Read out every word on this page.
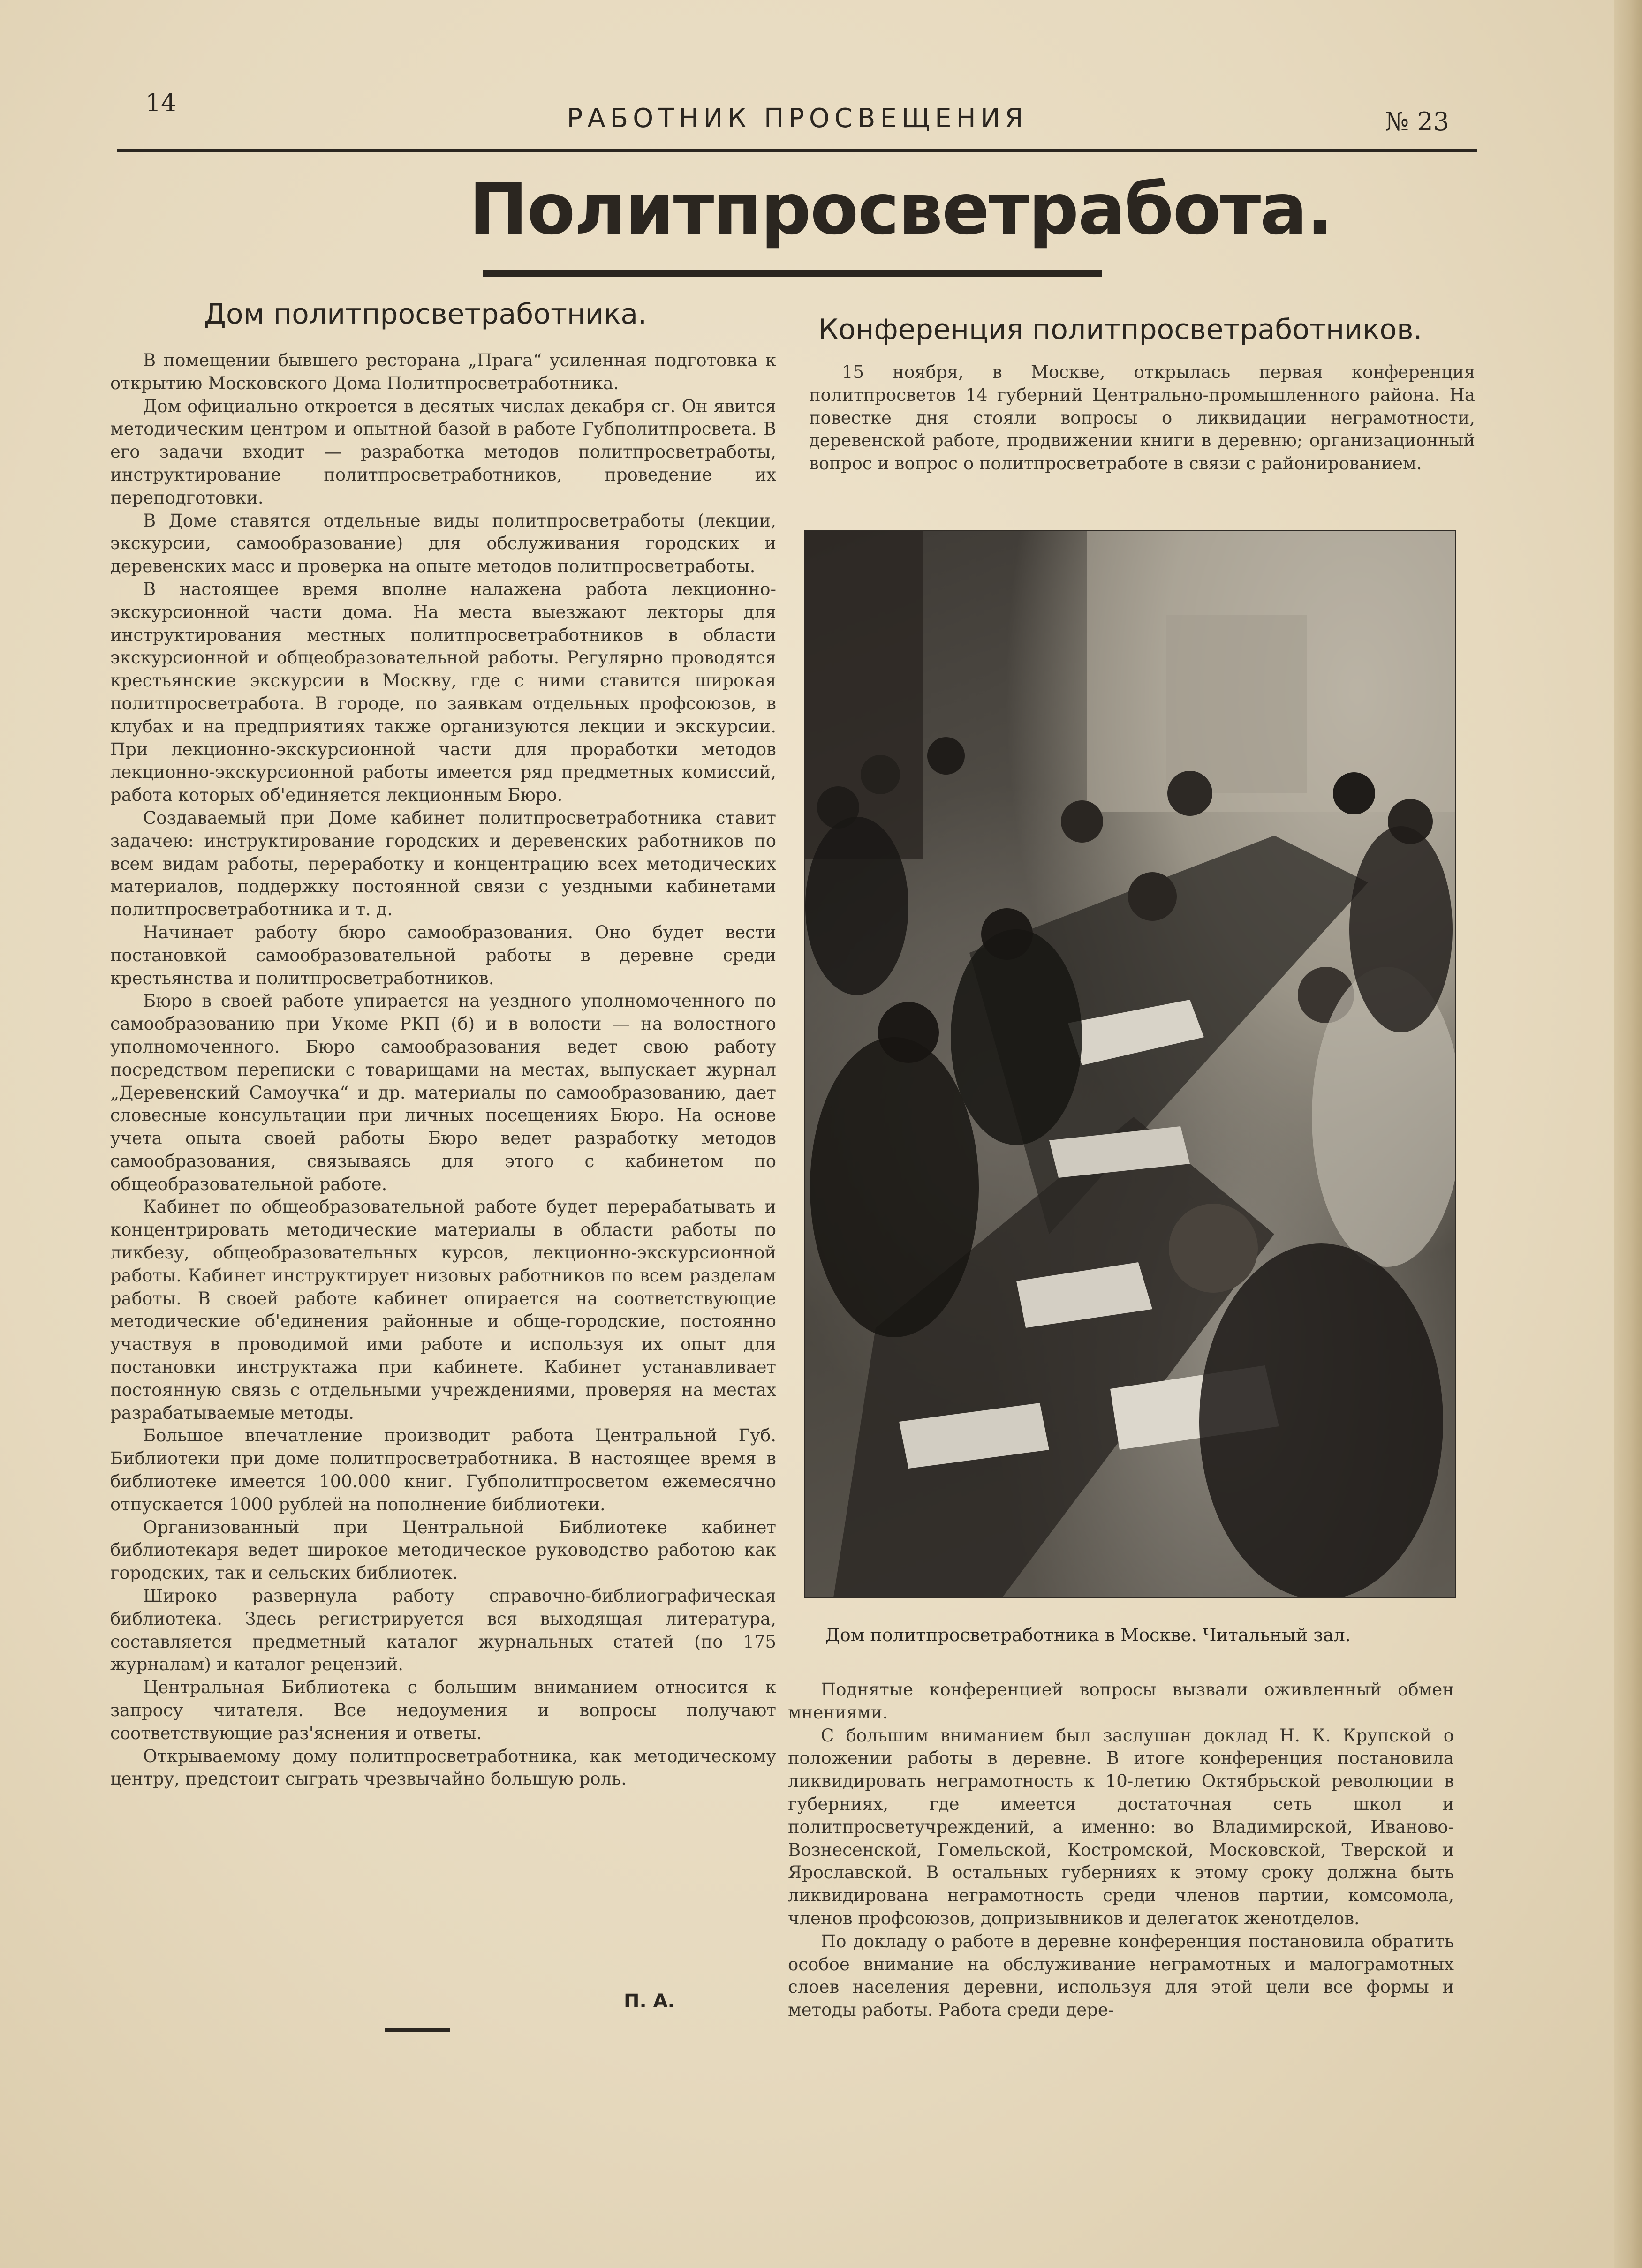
14	РАБОТНИК ПРОСВЕЩЕНИЯ	№ 23
Политпросветработа.
Дом политпросветработника.

В помещении бывшего ресторана „Прага“ усиленная подготовка к открытию Московского Дома Политпросветработника.

Дом официально откроется в десятых числах декабря сг. Он явится методическим центром и опытной базой в работе Губполитпросвета. В его задачи входит — разработка методов политпросветработы, инструктирование политпросветработников, проведение их переподготовки.

В Доме ставятся отдельные виды политпросветработы (лекции, экскурсии, самообразование) для обслуживания городских и деревенских масс и проверка на опыте методов политпросветработы.

В настоящее время вполне налажена работа лекционно-экскурсионной части дома. На места выезжают лекторы для инструктирования местных политпросветработников в области экскурсионной и общеобразовательной работы. Регулярно проводятся крестьянские экскурсии в Москву, где с ними ставится широкая политпросветработа. В городе, по заявкам отдельных профсоюзов, в клубах и на предприятиях также организуются лекции и экскурсии. При лекционно-экскурсионной части для проработки методов лекционно-экскурсионной работы имеется ряд предметных комиссий, работа которых об'единяется лекционным Бюро.

Создаваемый при Доме кабинет политпросветработника ставит задачею: инструктирование городских и деревенских работников по всем видам работы, переработку и концентрацию всех методических материалов, поддержку постоянной связи с уездными кабинетами политпросветработника и т. д.

Начинает работу бюро самообразования. Оно будет вести постановкой самообразовательной работы в деревне среди крестьянства и политпросветработников.

Бюро в своей работе упирается на уездного уполномоченного по самообразованию при Укоме РКП (б) и в волости — на волостного уполномоченного. Бюро самообразования ведет свою работу посредством переписки с товарищами на местах, выпускает журнал „Деревенский Самоучка“ и др. материалы по самообразованию, дает словесные консультации при личных посещениях Бюро. На основе учета опыта своей работы Бюро ведет разработку методов самообразования, связываясь для этого с кабинетом по общеобразовательной работе.

Кабинет по общеобразовательной работе будет перерабатывать и концентрировать методические материалы в области работы по ликбезу, общеобразовательных курсов, лекционно-экскурсионной работы. Кабинет инструктирует низовых работников по всем разделам работы. В своей работе кабинет опирается на соответствующие методические об'единения районные и обще-городские, постоянно участвуя в проводимой ими работе и используя их опыт для постановки инструктажа при кабинете. Кабинет устанавливает постоянную связь с отдельными учреждениями, проверяя на местах разрабатываемые методы.

Большое впечатление производит работа Центральной Губ. Библиотеки при доме политпросветработника. В настоящее время в библиотеке имеется 100.000 книг. Губполитпросветом ежемесячно отпускается 1000 рублей на пополнение библиотеки.

Организованный при Центральной Библиотеке кабинет библиотекаря ведет широкое методическое руководство работою как городских, так и сельских библиотек.

Широко развернула работу справочно-библиографическая библиотека. Здесь регистрируется вся выходящая литература, составляется предметный каталог журнальных статей (по 175 журналам) и каталог рецензий.

Центральная Библиотека с большим вниманием относится к запросу читателя. Все недоумения и вопросы получают соответствующие раз'яснения и ответы.

Открываемому дому политпросветработника, как методическому центру, предстоит сыграть чрезвычайно большую роль.

П. А.
Конференция политпросветработников.

15 ноября, в Москве, открылась первая конференция политпросветов 14 губерний Центрально-промышленного района. На повестке дня стояли вопросы о ликвидации неграмотности, деревенской работе, продвижении книги в деревню; организационный вопрос и вопрос о политпросветработе в связи с районированием.

Дом политпросветработника в Москве. Читальный зал.

Поднятые конференцией вопросы вызвали оживленный обмен мнениями.

С большим вниманием был заслушан доклад Н. К. Крупской о положении работы в деревне. В итоге конференция постановила ликвидировать неграмотность к 10-летию Октябрьской революции в губерниях, где имеется достаточная сеть школ и политпросветучреждений, а именно: во Владимирской, Иваново-Вознесенской, Гомельской, Костромской, Московской, Тверской и Ярославской. В остальных губерниях к этому сроку должна быть ликвидирована неграмотность среди членов партии, комсомола, членов профсоюзов, допризывников и делегаток женотделов.

По докладу о работе в деревне конференция постановила обратить особое внимание на обслуживание неграмотных и малограмотных слоев населения деревни, используя для этой цели все формы и методы работы. Работа среди дере-
